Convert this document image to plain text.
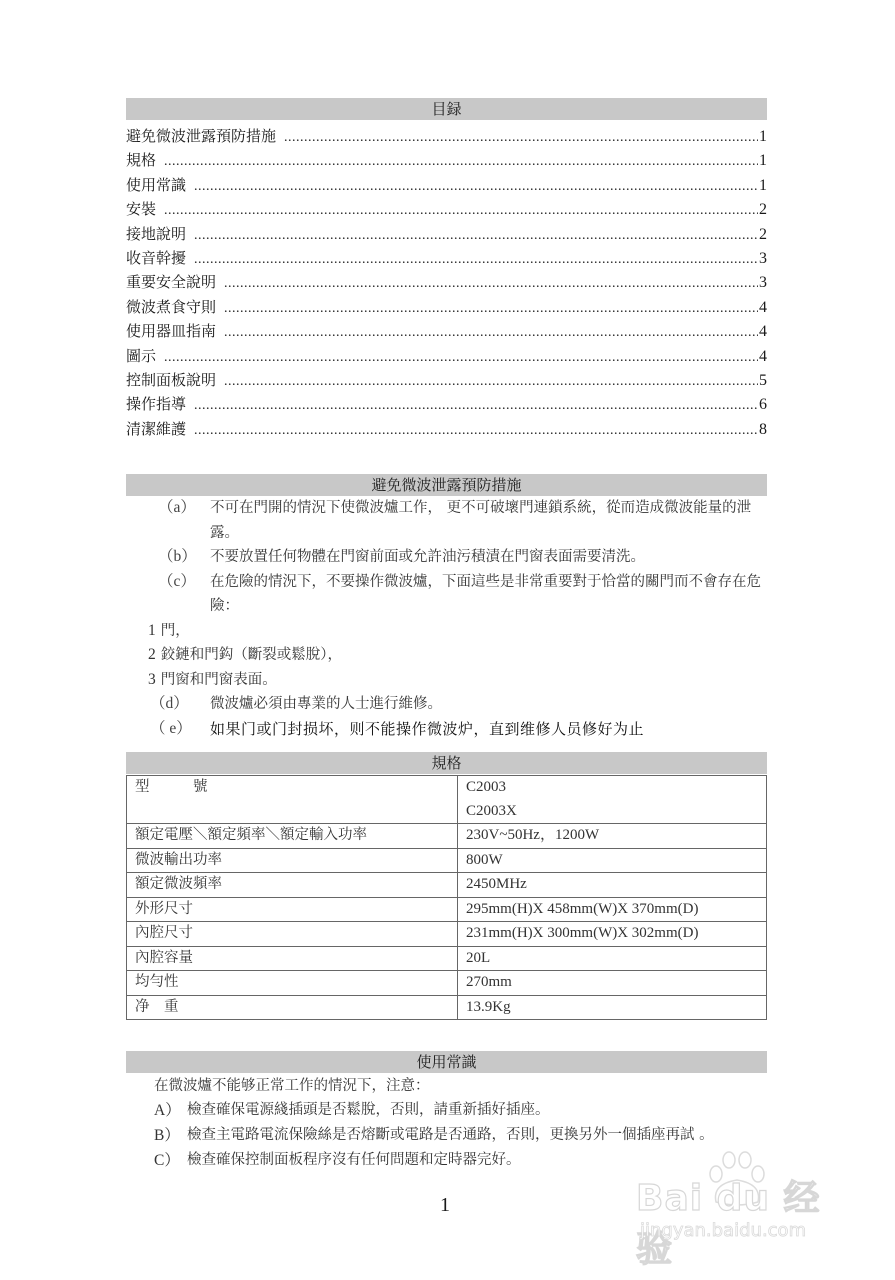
目録
避免微波泄露預防措施 .....	1
規格 .....	1
使用常識 .....	1
安裝 .....	2
接地說明 .....	2
收音幹擾 .....	3
重要安全說明 .....	3
微波煮食守則 .....	4
使用器皿指南 .....	4
圖示 .....	4
控制面板說明 .....	5
操作指導 .....	6
清潔維護 .....	8
避免微波泄露預防措施
（a） 不可在門開的情況下使微波爐工作， 更不可破壞門連鎖系統，從而造成微波能量的泄露。
（b） 不要放置任何物體在門窗前面或允許油污積漬在門窗表面需要清洗。
（c） 在危險的情況下，不要操作微波爐，下面這些是非常重要對于恰當的關門而不會存在危險：
1 門，
2 鉸鏈和門鈎（斷裂或鬆脫），
3 門窗和門窗表面。
（d）	微波爐必須由專業的人士進行維修。
（ e）	如果门或门封损坏，则不能操作微波炉，直到维修人员修好为止
規格
型　　　號	C2003
C2003X

額定電壓＼額定頻率＼額定輸入功率	230V~50Hz，1200W
微波輸出功率	800W
額定微波頻率	2450MHz
外形尺寸	295mm(H)X 458mm(W)X 370mm(D)
內腔尺寸	231mm(H)X 300mm(W)X 302mm(D)
內腔容量	20L
均勻性	270mm
净　重	13.9Kg
使用常識
在微波爐不能够正常工作的情況下，注意：
A） 檢查確保電源綫插頭是否鬆脫，否則，請重新插好插座。
B） 檢查主電路電流保險絲是否熔斷或電路是否通路，否則，更換另外一個插座再試 。
C） 檢查確保控制面板程序沒有任何問題和定時器完好。
1	Bai du 经验
jingyan.baidu.com
